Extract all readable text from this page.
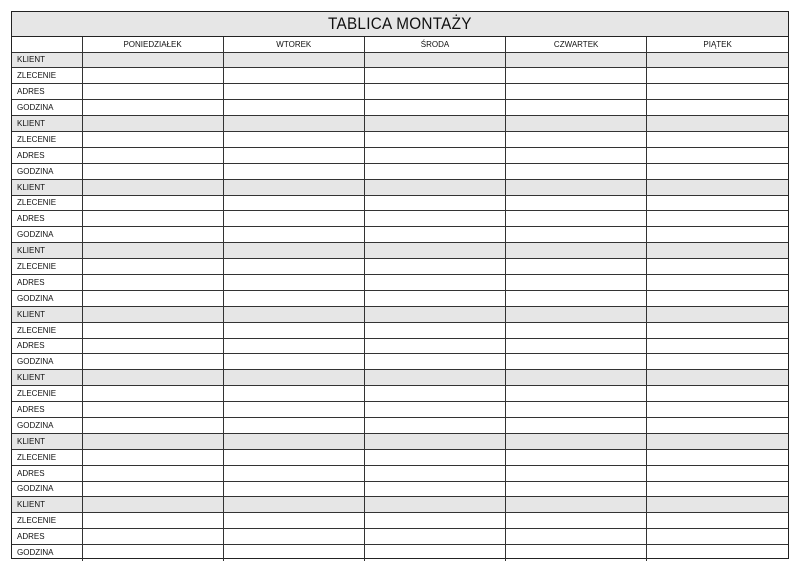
TABLICA MONTAŻY
	PONIEDZIAŁEK	WTOREK	ŚRODA	CZWARTEK	PIĄTEK
KLIENT					
ZLECENIE					
ADRES					
GODZINA					
KLIENT					
ZLECENIE					
ADRES					
GODZINA					
KLIENT					
ZLECENIE					
ADRES					
GODZINA					
KLIENT					
ZLECENIE					
ADRES					
GODZINA					
KLIENT					
ZLECENIE					
ADRES					
GODZINA					
KLIENT					
ZLECENIE					
ADRES					
GODZINA					
KLIENT					
ZLECENIE					
ADRES					
GODZINA					
KLIENT					
ZLECENIE					
ADRES					
GODZINA					
